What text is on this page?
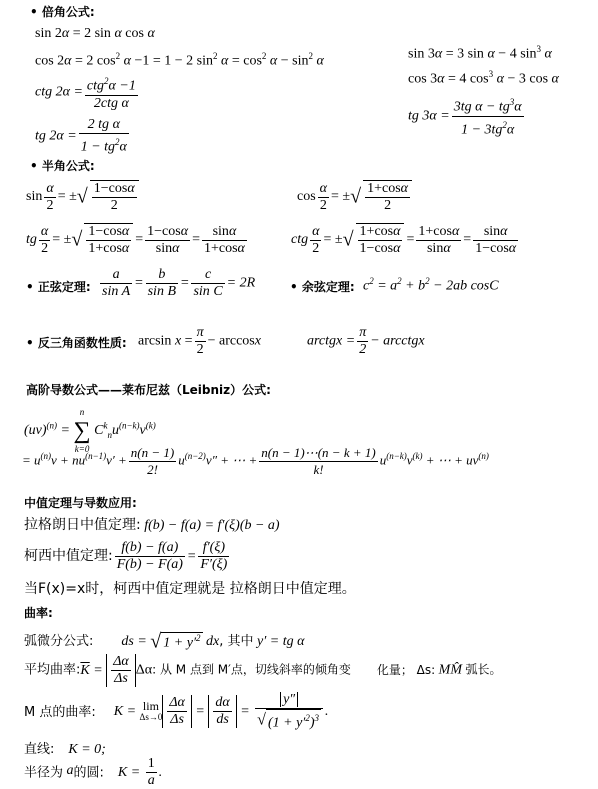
• 倍角公式:
sin 2α = 2 sin α cos α
cos 2α = 2 $\cos^2 \alpha -1 = 1 - 2$ $\sin^2 \alpha = \cos^2 \alpha - \sin^2 \alpha$
ctg $2\alpha = \frac{ctg^2\alpha -1}{\text{2ctg α}}$
tg $2\alpha = \frac{\text{2 tg α}}{1 - tg^2\alpha}$
sin 3α = 3 sin α − 4 $\sin^3 \alpha$
cos 3α = 4 $\cos^3 \alpha - 3$ cos α
tg $3\alpha = \frac{3tg \alpha - tg^3\alpha}{1 - 3tg^2\alpha}$
• 半角公式:
$\sin \frac{\alpha}{2}$ = ±√ $\frac{1-\cos\alpha}{2}$	$\cos \frac{\alpha}{2}$ = ±√ $\frac{1+\cos\alpha}{2}$
tg $\frac{\alpha}{2}$ = ±√ $\frac{1-\cos\alpha}{1+\cos\alpha} = \frac{1-\cos\alpha}{\sin\alpha} = \frac{\sin\alpha}{1+\cos\alpha}$	ctg $\frac{\alpha}{2}$ = ±√ $\frac{1+\cos\alpha}{1-\cos\alpha} = \frac{1+\cos\alpha}{\sin\alpha} = \frac{\sin\alpha}{1-\cos\alpha}$
• 正弦定理: $\frac{a}{\text{sin A}} = \frac{b}{\text{sin B}} = \frac{c}{\text{sin C}} = 2R$	• 余弦定理: $c^2 = a^2 + b^2 - 2ab$ cosC
• 反三角函数性质: $\arcsin x = \frac{\pi}{2} - \arccos x$	arctgx = $\frac{\pi}{2}$ − arcctgx
高阶导数公式——莱布尼兹（Leibniz）公式:
(uv)$^{(n)}$ =
n
∑
k=0
$C^k_nu^{(n-k)}v^{(k)}$
= $u^{(n)}v + nu^{(n-1)}v' + \frac{n(n - 1)}{2!} u^{(n-2)}v''$ + ⋯ + $\frac{n(n - 1)\cdots(n - k + 1)}{k!} u^{(n-k)}v^{(k)}$ + ⋯ + $uv^{(n)}$
中值定理与导数应用:
拉格朗日中值定理: f(b) − f(a) = f′(ξ)(b − a)
柯西中值定理: $\frac{f(b) - f(a)}{F(b) - F(a)} = \frac{f'(\xi)}{F'(\xi)}$
当F(x)=x时，柯西中值定理就是 拉格朗日中值定理。
曲率:
弧微分公式: ds = √ $1 + y'^2$ dx, 其中 y′ = tg α
平均曲率$:\overline{K} = \frac{\Delta\alpha}{\Delta s} \Delta\alpha$: 从 M 点到 M′点，切线斜率的倾角变 化量； Δs: MM̂ 弧长。
M 点的曲率: K = lim
$\Delta s\to 0 \frac{\Delta\alpha}{\Delta s} = \frac{d\alpha}{ds} = \frac{y''}{√ (1 + y'^2)^3}$ .
直线: K = 0;
半径为 a的圆: $K = \frac{1}{a}$ .
